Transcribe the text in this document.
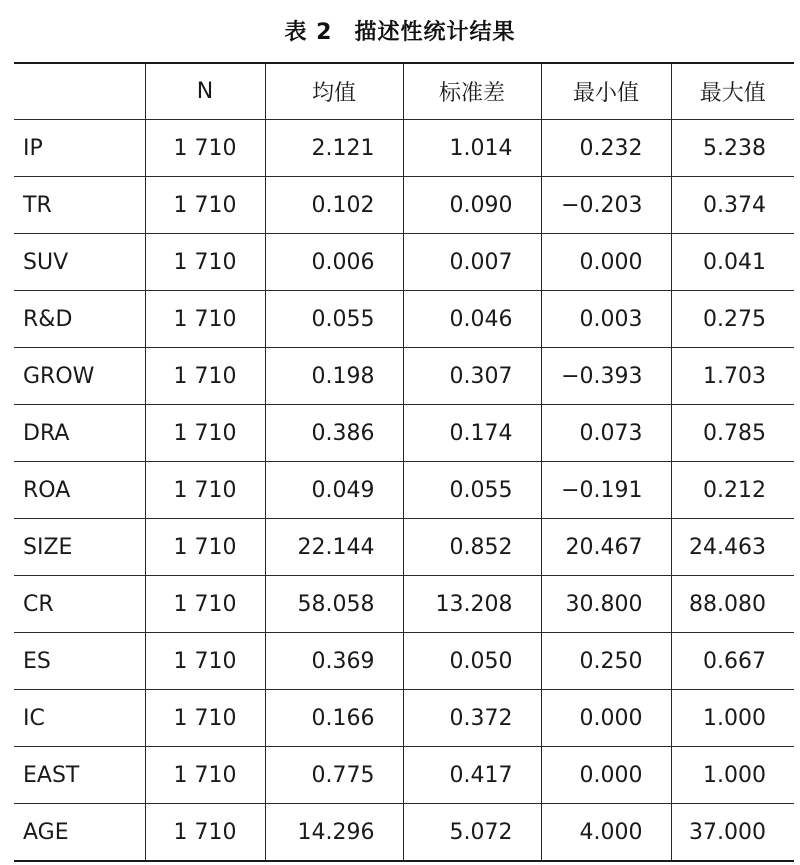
表 2 描述性统计结果
	N	均值	标准差	最小值	最大值
IP	1 710	2.121	1.014	0.232	5.238
TR	1 710	0.102	0.090	−0.203	0.374
SUV	1 710	0.006	0.007	0.000	0.041
R&D	1 710	0.055	0.046	0.003	0.275
GROW	1 710	0.198	0.307	−0.393	1.703
DRA	1 710	0.386	0.174	0.073	0.785
ROA	1 710	0.049	0.055	−0.191	0.212
SIZE	1 710	22.144	0.852	20.467	24.463
CR	1 710	58.058	13.208	30.800	88.080
ES	1 710	0.369	0.050	0.250	0.667
IC	1 710	0.166	0.372	0.000	1.000
EAST	1 710	0.775	0.417	0.000	1.000
AGE	1 710	14.296	5.072	4.000	37.000
